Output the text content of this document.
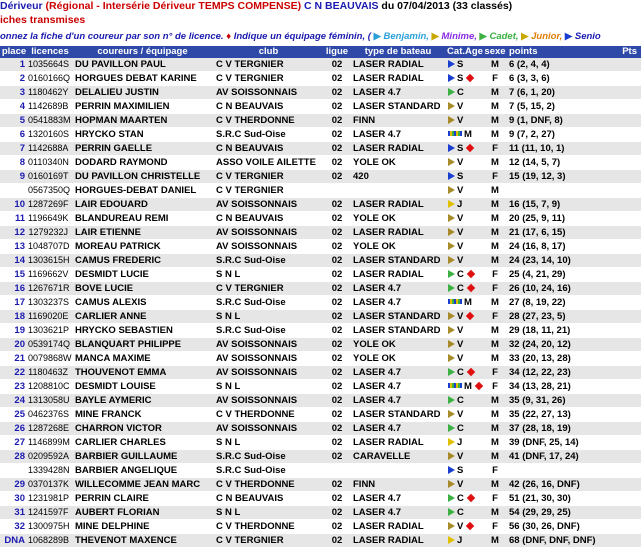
Dériveur (Régional - Intersérie Dériveur TEMPS COMPENSE) C N BEAUVAIS du 07/04/2013 (33 classés)
iches transmises
onnez la fiche d'un coureur par son n° de licence. ♦ Indique un équipage féminin, ( ▶ Benjamin, ▶ Minime, ▶ Cadet, ▶ Junior, ▶ Senio
place	licences	coureurs / équipage	club	ligue	type de bateau	Cat.Age	sexe	points	Pts
1	1035664S	DU PAVILLON PAUL	C V TERGNIER	02	LASER RADIAL	S	M	6 (2, 4, 4)	
2	0160166Q	HORGUES DEBAT KARINE	C V TERGNIER	02	LASER RADIAL	S	F	6 (3, 3, 6)	
3	1180462Y	DELALIEU JUSTIN	AV SOISSONNAIS	02	LASER 4.7	C	M	7 (6, 1, 20)	
4	1142689B	PERRIN MAXIMILIEN	C N BEAUVAIS	02	LASER STANDARD	V	M	7 (5, 15, 2)	
5	0541883M	HOPMAN MAARTEN	C V THERDONNE	02	FINN	V	M	9 (1, DNF, 8)	
6	1320160S	HRYCKO STAN	S.R.C Sud-Oise	02	LASER 4.7	M	M	9 (7, 2, 27)	
7	1142688A	PERRIN GAELLE	C N BEAUVAIS	02	LASER RADIAL	S	F	11 (11, 10, 1)	
8	0110340N	DODARD RAYMOND	ASSO VOILE AILETTE	02	YOLE OK	V	M	12 (14, 5, 7)	
9	0160169T	DU PAVILLON CHRISTELLE	C V TERGNIER	02	420	S	F	15 (19, 12, 3)	
	0567350Q	HORGUES-DEBAT DANIEL	C V TERGNIER			V	M		
10	1287269F	LAIR EDOUARD	AV SOISSONNAIS	02	LASER RADIAL	J	M	16 (15, 7, 9)	
11	1196649K	BLANDUREAU REMI	C N BEAUVAIS	02	YOLE OK	V	M	20 (25, 9, 11)	
12	1279232J	LAIR ETIENNE	AV SOISSONNAIS	02	LASER RADIAL	V	M	21 (17, 6, 15)	
13	1048707D	MOREAU PATRICK	AV SOISSONNAIS	02	YOLE OK	V	M	24 (16, 8, 17)	
14	1303615H	CAMUS FREDERIC	S.R.C Sud-Oise	02	LASER STANDARD	V	M	24 (23, 14, 10)	
15	1169662V	DESMIDT LUCIE	S N L	02	LASER RADIAL	C	F	25 (4, 21, 29)	
16	1267671R	BOVE LUCIE	C V TERGNIER	02	LASER 4.7	C	F	26 (10, 24, 16)	
17	1303237S	CAMUS ALEXIS	S.R.C Sud-Oise	02	LASER 4.7	M	M	27 (8, 19, 22)	
18	1169020E	CARLIER ANNE	S N L	02	LASER STANDARD	V	F	28 (27, 23, 5)	
19	1303621P	HRYCKO SEBASTIEN	S.R.C Sud-Oise	02	LASER STANDARD	V	M	29 (18, 11, 21)	
20	0539174Q	BLANQUART PHILIPPE	AV SOISSONNAIS	02	YOLE OK	V	M	32 (24, 20, 12)	
21	0079868W	MANCA MAXIME	AV SOISSONNAIS	02	YOLE OK	V	M	33 (20, 13, 28)	
22	1180463Z	THOUVENOT EMMA	AV SOISSONNAIS	02	LASER 4.7	C	F	34 (12, 22, 23)	
23	1208810C	DESMIDT LOUISE	S N L	02	LASER 4.7	M	F	34 (13, 28, 21)	
24	1313058U	BAYLE AYMERIC	AV SOISSONNAIS	02	LASER 4.7	C	M	35 (9, 31, 26)	
25	0462376S	MINE FRANCK	C V THERDONNE	02	LASER STANDARD	V	M	35 (22, 27, 13)	
26	1287268E	CHARRON VICTOR	AV SOISSONNAIS	02	LASER 4.7	C	M	37 (28, 18, 19)	
27	1146899M	CARLIER CHARLES	S N L	02	LASER RADIAL	J	M	39 (DNF, 25, 14)	
28	0209592A	BARBIER GUILLAUME	S.R.C Sud-Oise	02	CARAVELLE	V	M	41 (DNF, 17, 24)	
	1339428N	BARBIER ANGELIQUE	S.R.C Sud-Oise			S	F		
29	0370137K	WILLECOMME JEAN MARC	C V THERDONNE	02	FINN	V	M	42 (26, 16, DNF)	
30	1231981P	PERRIN CLAIRE	C N BEAUVAIS	02	LASER 4.7	C	F	51 (21, 30, 30)	
31	1241597F	AUBERT FLORIAN	S N L	02	LASER 4.7	C	M	54 (29, 29, 25)	
32	1300975H	MINE DELPHINE	C V THERDONNE	02	LASER RADIAL	V	F	56 (30, 26, DNF)	
DNA	1068289B	THEVENOT MAXENCE	C V TERGNIER	02	LASER RADIAL	J	M	68 (DNF, DNF, DNF)	
